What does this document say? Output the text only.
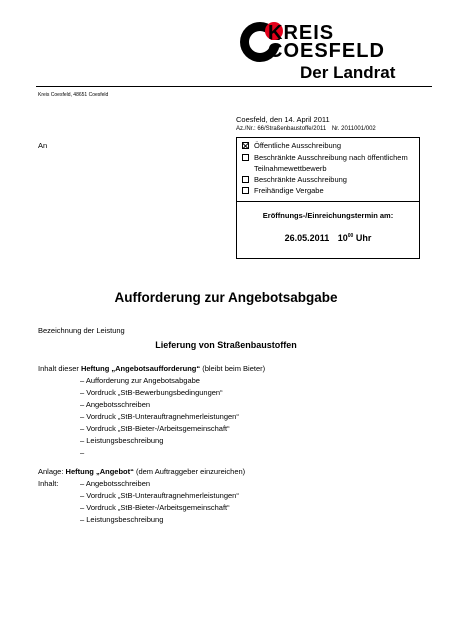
KREIS
COESFELD
Der Landrat
Kreis Coesfeld, 48651 Coesfeld
An
Coesfeld, den 14. April 2011
Az./Nr.: 66/Straßenbaustoffe/2011 Nr. 2011001/002
Öffentliche Ausschreibung
Beschränkte Ausschreibung nach öffentlichem
Teilnahmewettbewerb
Beschränkte Ausschreibung
Freihändige Vergabe
Eröffnungs-/Einreichungstermin am:
26.05.2011 $10^{00}$ Uhr
Aufforderung zur Angebotsabgabe
Bezeichnung der Leistung
Lieferung von Straßenbaustoffen
Inhalt dieser Heftung „Angebotsaufforderung“ (bleibt beim Bieter)
– Aufforderung zur Angebotsabgabe
– Vordruck „StB-Bewerbungsbedingungen“
– Angebotsschreiben
– Vordruck „StB-Unterauftragnehmerleistungen“
– Vordruck „StB-Bieter-/Arbeitsgemeinschaft“
– Leistungsbeschreibung
–
Anlage: Heftung „Angebot“ (dem Auftraggeber einzureichen)
Inhalt:	– Angebotsschreiben
– Vordruck „StB-Unterauftragnehmerleistungen“
– Vordruck „StB-Bieter-/Arbeitsgemeinschaft“
– Leistungsbeschreibung
